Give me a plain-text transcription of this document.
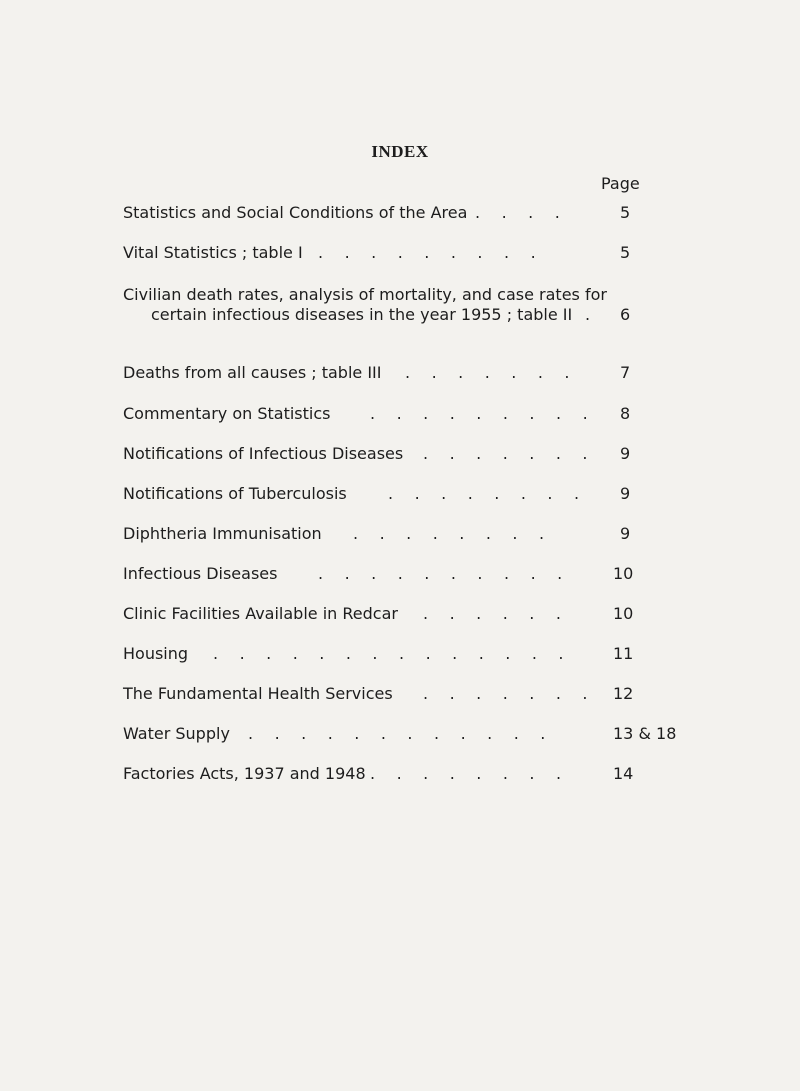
INDEX
Page
Statistics and Social Conditions of the Area . . . .	5
Vital Statistics ; table I . . . . . . . . .	5
Civilian death rates, analysis of mortality, and case rates for
certain infectious diseases in the year 1955 ; table II . 6
Deaths from all causes ; table III . . . . . . .	7
Commentary on Statistics . . . . . . . . . 8
Notifications of Infectious Diseases . . . . . . . 9
Notifications of Tuberculosis	. . . . . . . . 9
Diphtheria Immunisation . . . . . . . .	9
Infectious Diseases	. . . . . . . . . .	10
Clinic Facilities Available in Redcar . . . . . .	10
Housing . . . . . . . . . . . . . .	11
The Fundamental Health Services . . . . . . . 12
Water Supply . . . . . . . . . . . .	13 & 18
Factories Acts, 1937 and 1948 . . . . . . . .	14
